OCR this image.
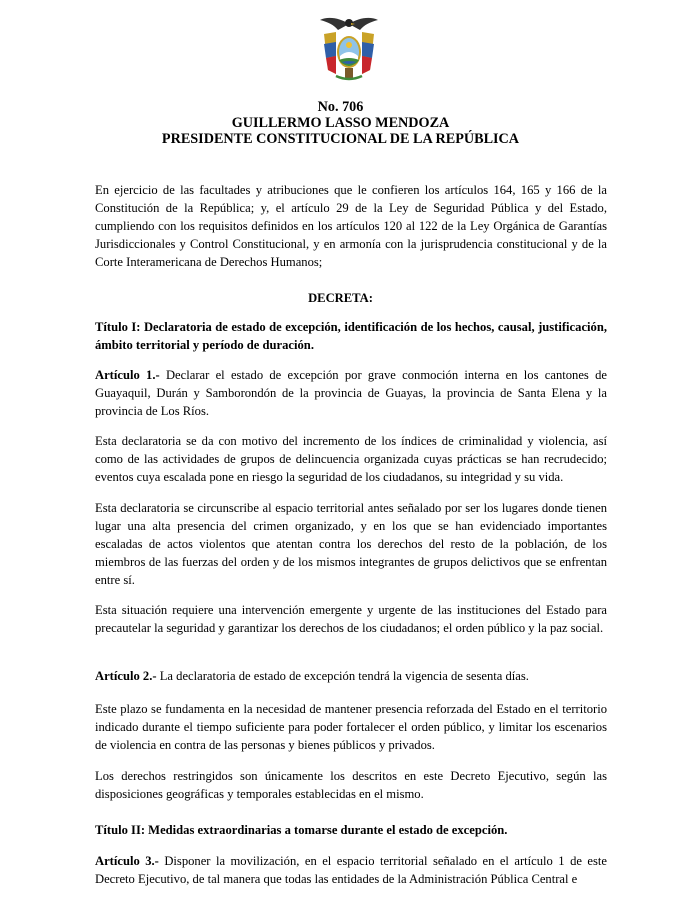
No. 706
GUILLERMO LASSO MENDOZA
PRESIDENTE CONSTITUCIONAL DE LA REPÚBLICA
En ejercicio de las facultades y atribuciones que le confieren los artículos 164, 165 y 166 de la Constitución de la República; y, el artículo 29 de la Ley de Seguridad Pública y del Estado, cumpliendo con los requisitos definidos en los artículos 120 al 122 de la Ley Orgánica de Garantías Jurisdiccionales y Control Constitucional, y en armonía con la jurisprudencia constitucional y de la Corte Interamericana de Derechos Humanos;
DECRETA:
Título I: Declaratoria de estado de excepción, identificación de los hechos, causal, justificación, ámbito territorial y período de duración.
Artículo 1.- Declarar el estado de excepción por grave conmoción interna en los cantones de Guayaquil, Durán y Samborondón de la provincia de Guayas, la provincia de Santa Elena y la provincia de Los Ríos.
Esta declaratoria se da con motivo del incremento de los índices de criminalidad y violencia, así como de las actividades de grupos de delincuencia organizada cuyas prácticas se han recrudecido; eventos cuya escalada pone en riesgo la seguridad de los ciudadanos, su integridad y su vida.
Esta declaratoria se circunscribe al espacio territorial antes señalado por ser los lugares donde tienen lugar una alta presencia del crimen organizado, y en los que se han evidenciado importantes escaladas de actos violentos que atentan contra los derechos del resto de la población, de los miembros de las fuerzas del orden y de los mismos integrantes de grupos delictivos que se enfrentan entre sí.
Esta situación requiere una intervención emergente y urgente de las instituciones del Estado para precautelar la seguridad y garantizar los derechos de los ciudadanos; el orden público y la paz social.
Artículo 2.- La declaratoria de estado de excepción tendrá la vigencia de sesenta días.
Este plazo se fundamenta en la necesidad de mantener presencia reforzada del Estado en el territorio indicado durante el tiempo suficiente para poder fortalecer el orden público, y limitar los escenarios de violencia en contra de las personas y bienes públicos y privados.
Los derechos restringidos son únicamente los descritos en este Decreto Ejecutivo, según las disposiciones geográficas y temporales establecidas en el mismo.
Título II: Medidas extraordinarias a tomarse durante el estado de excepción.
Artículo 3.- Disponer la movilización, en el espacio territorial señalado en el artículo 1 de este Decreto Ejecutivo, de tal manera que todas las entidades de la Administración Pública Central e
